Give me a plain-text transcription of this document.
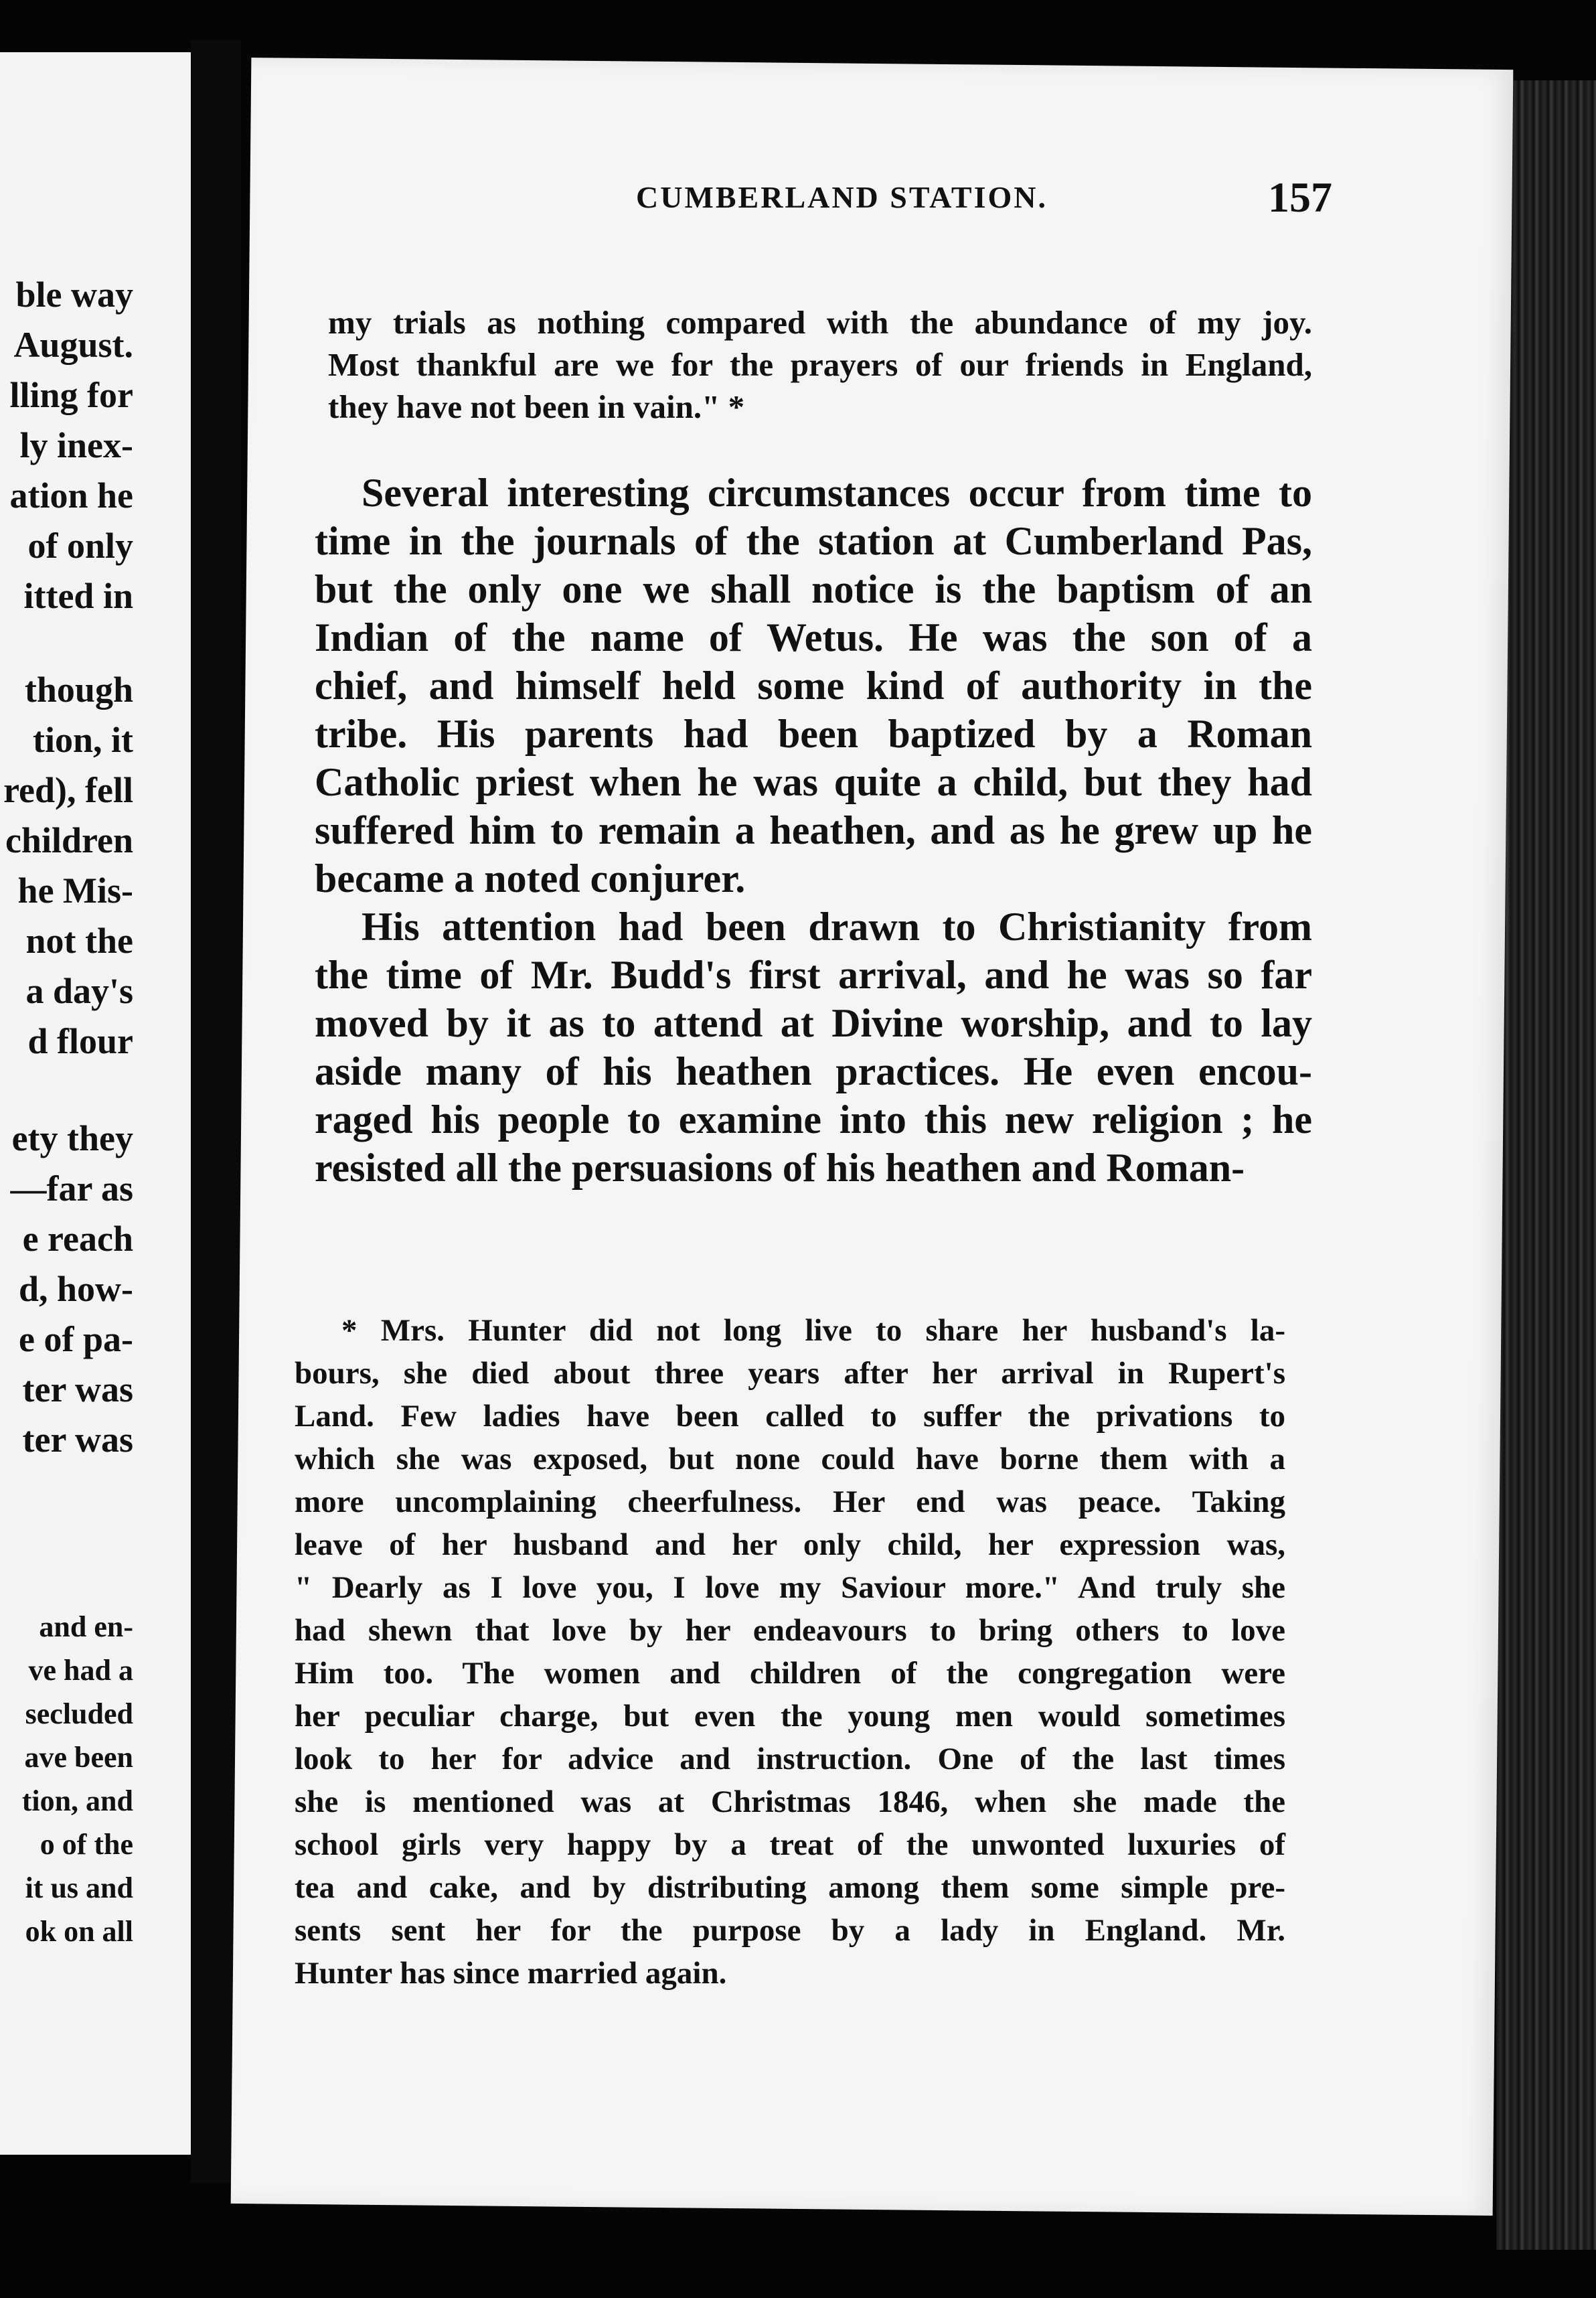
ble way
August.
lling for
ly inex-
ation he
of only
itted in
though
tion, it
red), fell
children
he Mis-
not the
a day's
d flour
ety they
—far as
e reach
d, how-
e of pa-
ter was
ter was
and en-
ve had a
secluded
ave been
tion, and
o of the
it us and
ok on all
CUMBERLAND STATION.	157
my trials as nothing compared with the abundance of my joy.
Most thankful are we for the prayers of our friends in England,
they have not been in vain." *
Several interesting circumstances occur from time to
time in the journals of the station at Cumberland Pas,
but the only one we shall notice is the baptism of an
Indian of the name of Wetus. He was the son of a
chief, and himself held some kind of authority in the
tribe. His parents had been baptized by a Roman
Catholic priest when he was quite a child, but they had
suffered him to remain a heathen, and as he grew up he
became a noted conjurer.
His attention had been drawn to Christianity from
the time of Mr. Budd's first arrival, and he was so far
moved by it as to attend at Divine worship, and to lay
aside many of his heathen practices. He even encou-
raged his people to examine into this new religion ; he
resisted all the persuasions of his heathen and Roman-
* Mrs. Hunter did not long live to share her husband's la-
bours, she died about three years after her arrival in Rupert's
Land. Few ladies have been called to suffer the privations to
which she was exposed, but none could have borne them with a
more uncomplaining cheerfulness. Her end was peace. Taking
leave of her husband and her only child, her expression was,
" Dearly as I love you, I love my Saviour more." And truly she
had shewn that love by her endeavours to bring others to love
Him too. The women and children of the congregation were
her peculiar charge, but even the young men would sometimes
look to her for advice and instruction. One of the last times
she is mentioned was at Christmas 1846, when she made the
school girls very happy by a treat of the unwonted luxuries of
tea and cake, and by distributing among them some simple pre-
sents sent her for the purpose by a lady in England. Mr.
Hunter has since married again.
